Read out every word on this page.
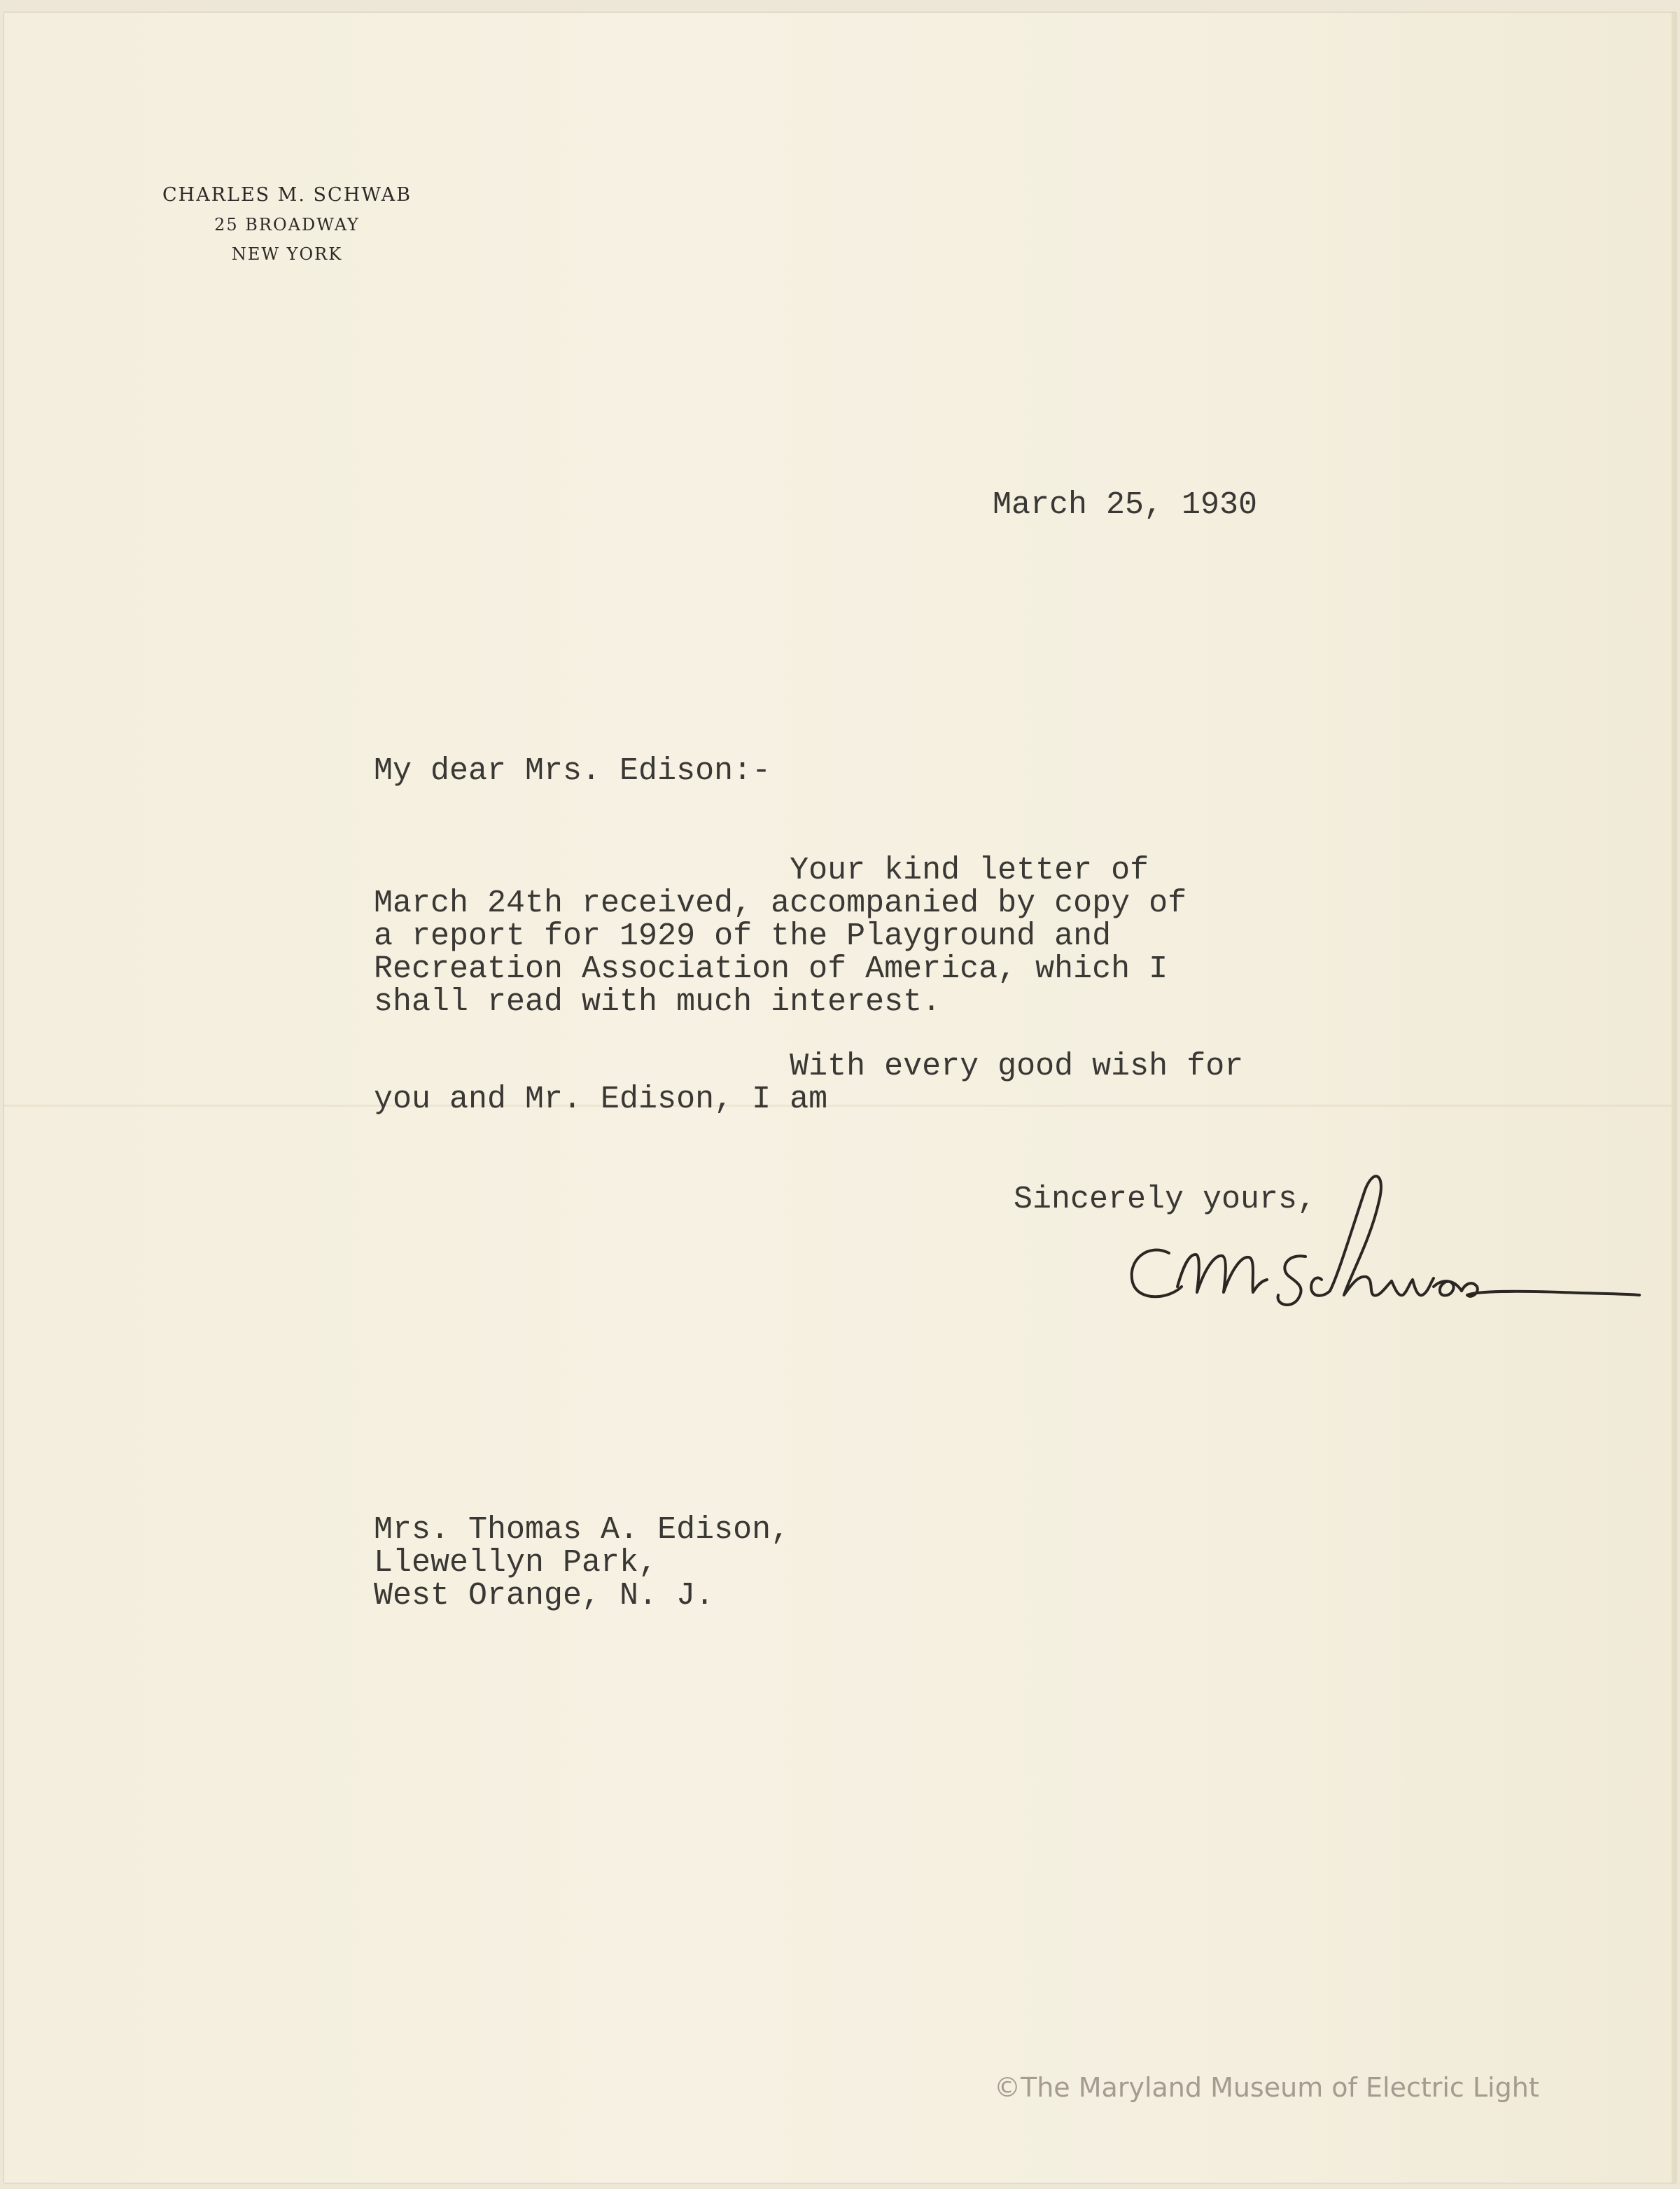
CHARLES M. SCHWAB
25 BROADWAY
NEW YORK
March 25, 1930
My dear Mrs. Edison:-
Your kind letter of
March 24th received, accompanied by copy of
a report for 1929 of the Playground and
Recreation Association of America, which I
shall read with much interest.
With every good wish for
you and Mr. Edison, I am
Sincerely yours,
Mrs. Thomas A. Edison,
Llewellyn Park,
West Orange, N. J.
©The Maryland Museum of Electric Light
